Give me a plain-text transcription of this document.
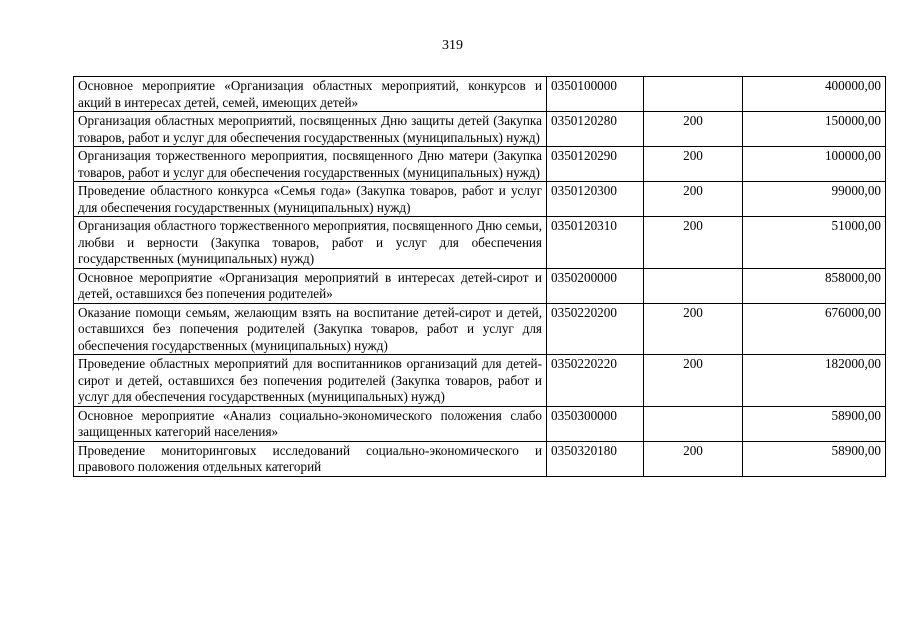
319
Основное мероприятие «Организация областных мероприятий, конкурсов и акций в интересах детей, семей, имеющих детей»	0350100000		400000,00
Организация областных мероприятий, посвященных Дню защиты детей (Закупка товаров, работ и услуг для обеспечения государственных (муниципальных) нужд)	0350120280	200	150000,00
Организация торжественного мероприятия, посвященного Дню матери (Закупка товаров, работ и услуг для обеспечения государственных (муниципальных) нужд)	0350120290	200	100000,00
Проведение областного конкурса «Семья года» (Закупка товаров, работ и услуг для обеспечения государственных (муниципальных) нужд)	0350120300	200	99000,00
Организация областного торжественного мероприятия, посвященного Дню семьи, любви и верности (Закупка товаров, работ и услуг для обеспечения государственных (муниципальных) нужд)	0350120310	200	51000,00
Основное мероприятие «Организация мероприятий в интересах детей-сирот и детей, оставшихся без попечения родителей»	0350200000		858000,00
Оказание помощи семьям, желающим взять на воспитание детей-сирот и детей, оставшихся без попечения родителей (Закупка товаров, работ и услуг для обеспечения государственных (муниципальных) нужд)	0350220200	200	676000,00
Проведение областных мероприятий для воспитанников организаций для детей-сирот и детей, оставшихся без попечения родителей (Закупка товаров, работ и услуг для обеспечения государственных (муниципальных) нужд)	0350220220	200	182000,00
Основное мероприятие «Анализ социально-экономического положения слабо защищенных категорий населения»	0350300000		58900,00
Проведение мониторинговых исследований социально-экономического и правового положения отдельных категорий	0350320180	200	58900,00
